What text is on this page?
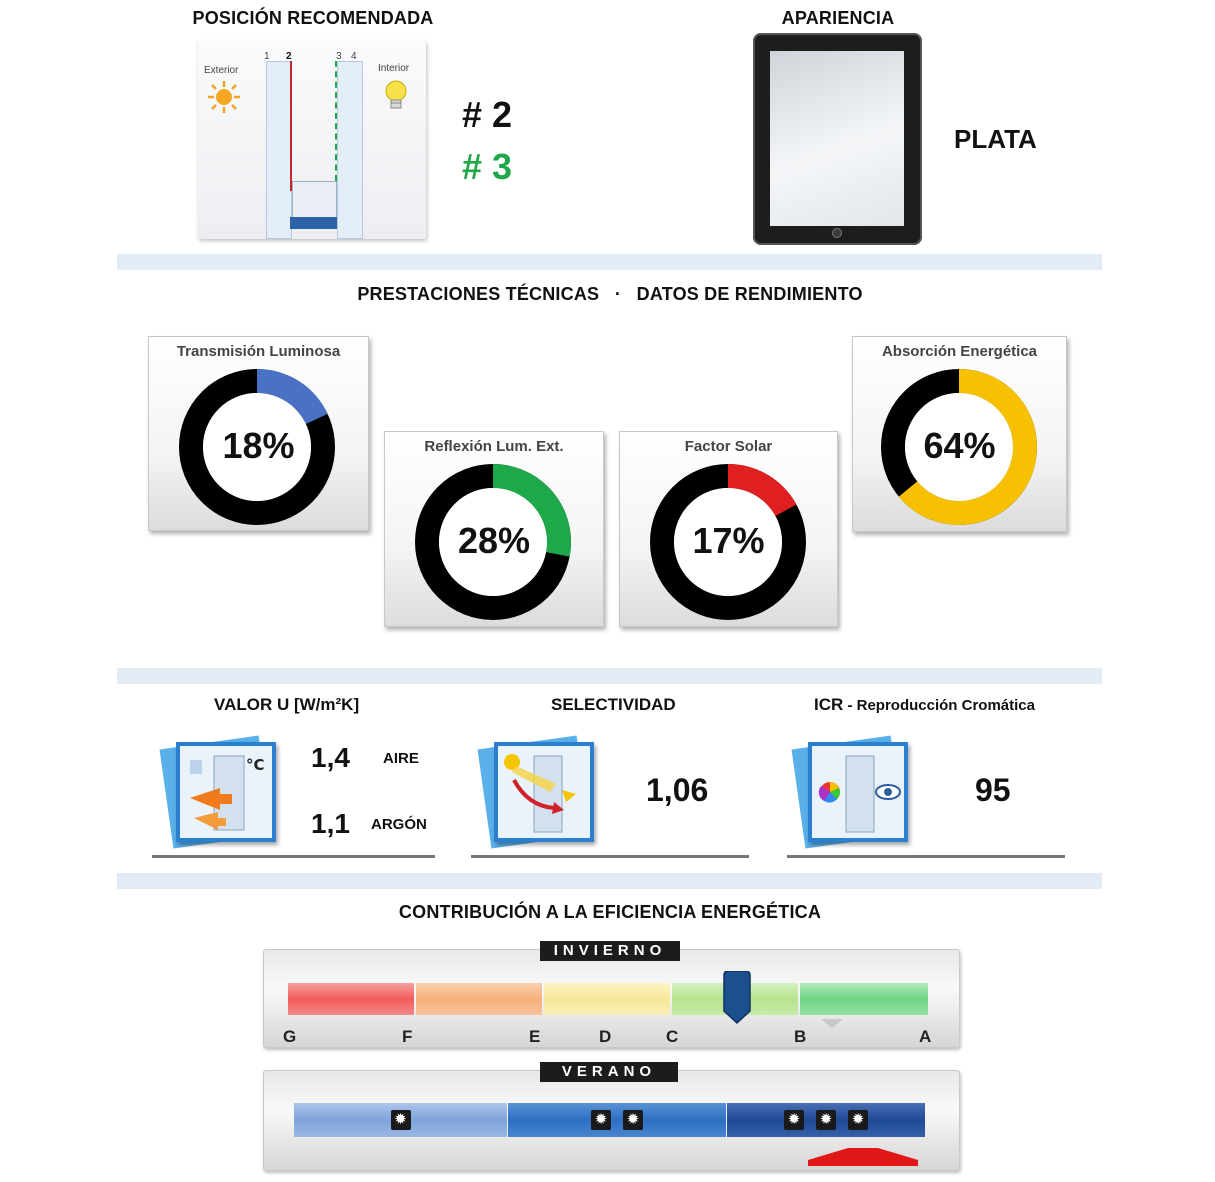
POSICIÓN RECOMENDADA
Exterior	Interior
1 2	3 4
# 2
# 3
APARIENCIA
PLATA
PRESTACIONES TÉCNICAS   ·   DATOS DE RENDIMIENTO
Transmisión Luminosa
18%	Reflexión Lum. Ext.
28%
Factor Solar
17%
Absorción Energética
64%
VALOR U [W/m²K]
°C 1,4 AIRE
1,1 ARGÓN
SELECTIVIDAD
1,06
ICR - Reproducción Cromática
95
CONTRIBUCIÓN A LA EFICIENCIA ENERGÉTICA
G	F	E	D	C	B	A
INVIERNO
✹	✹ ✹	✹ ✹ ✹
VERANO
